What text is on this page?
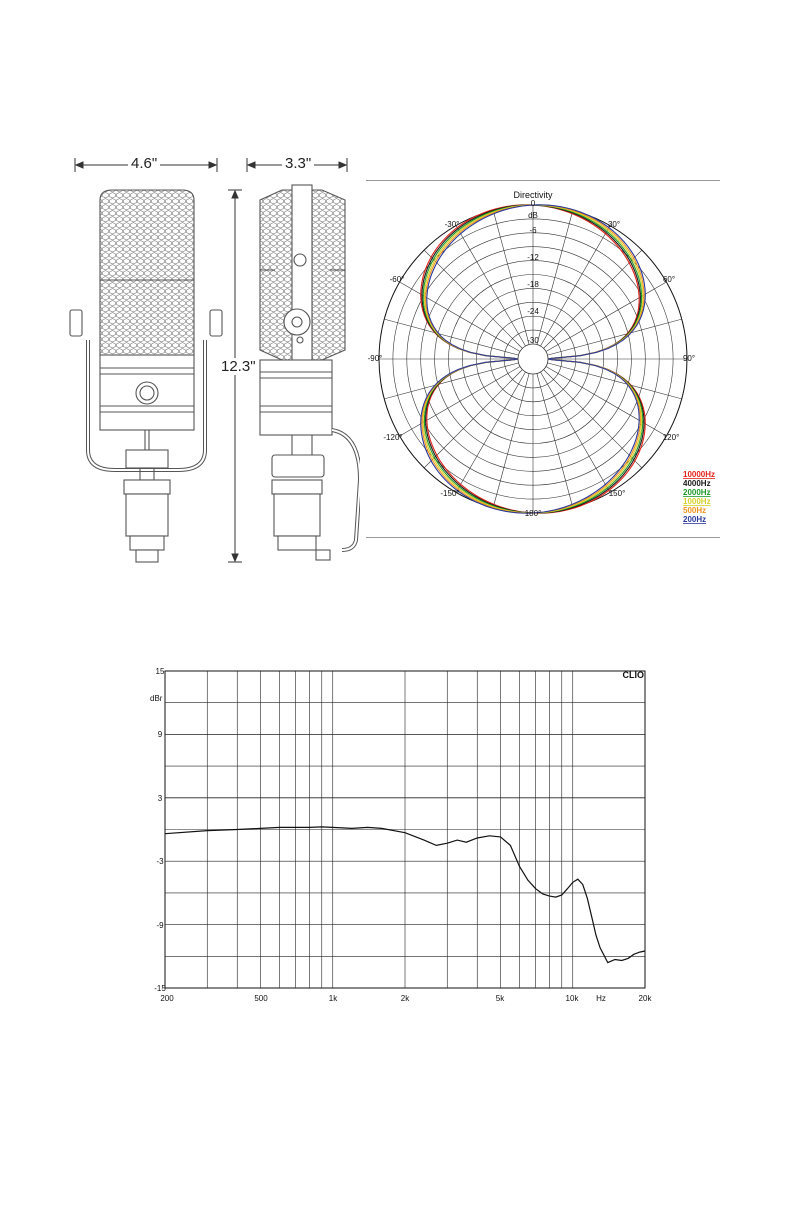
4.6"	3.3"
12.3"
Directivity
dB
-6
-12
-18
-24
-30
0
30°
60°
90°
120°
150°
180°
-150°
-120°
-90°
-60°
-30°
10000Hz
4000Hz
2000Hz
1000Hz
500Hz
200Hz
CLIO
dBr
15
9
3
-3
-9
-15
200	500	1k	2k	5k	10k Hz	20k
